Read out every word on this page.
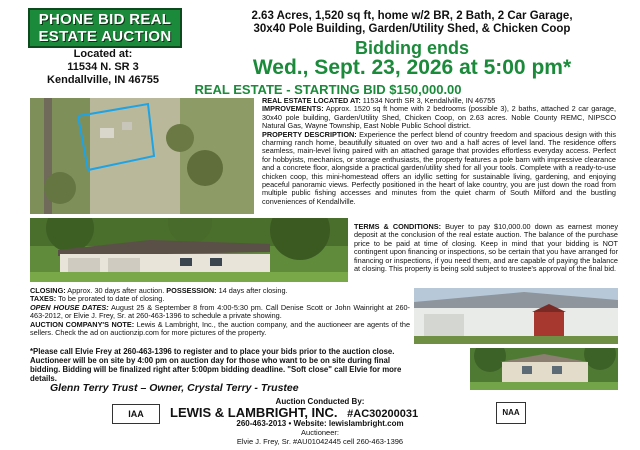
PHONE BID REAL
ESTATE AUCTION
Located at:
11534 N. SR 3
Kendallville, IN 46755
2.63 Acres, 1,520 sq ft, home w/2 BR, 2 Bath, 2 Car Garage,
30x40 Pole Building, Garden/Utility Shed, & Chicken Coop
Bidding ends
Wed., Sept. 23, 2026 at 5:00 pm*
REAL ESTATE - STARTING BID $150,000.00
REAL ESTATE LOCATED AT: 11534 North SR 3, Kendallville, IN 46755
IMPROVEMENTS: Approx. 1520 sq ft home with 2 bedrooms (possible 3), 2 baths, attached 2 car garage, 30x40 pole building, Garden/Utility Shed, Chicken Coop, on 2.63 acres. Noble County REMC, NIPSCO Natural Gas, Wayne Township, East Noble Public School district.
PROPERTY DESCRIPTION: Experience the perfect blend of country freedom and spacious design with this charming ranch home, beautifully situated on over two and a half acres of level land. The residence offers seamless, main-level living paired with an attached garage that provides effortless everyday access. Perfect for hobbyists, mechanics, or storage enthusiasts, the property features a pole barn with impressive clearance and a concrete floor, alongside a practical garden/utility shed for all your tools. Complete with a ready-to-use chicken coop, this mini-homestead offers an idyllic setting for sustainable living, gardening, and enjoying peaceful panoramic views. Perfectly positioned in the heart of lake country, you are just down the road from multiple public fishing accesses and minutes from the quiet charm of South Milford and the bustling conveniences of Kendallville.
TERMS & CONDITIONS: Buyer to pay $10,000.00 down as earnest money deposit at the conclusion of the real estate auction. The balance of the purchase price to be paid at time of closing. Keep in mind that your bidding is NOT contingent upon financing or inspections, so be certain that you have arranged for financing or inspections, if you need them, and are capable of paying the balance at closing. This property is being sold subject to trustee's approval of the final bid.
CLOSING: Approx. 30 days after auction. POSSESSION: 14 days after closing.
TAXES: To be prorated to date of closing.
OPEN HOUSE DATES: August 25 & September 8 from 4:00-5:30 pm. Call Denise Scott or John Wainright at 260-463-2012, or Elvie J. Frey, Sr. at 260-463-1396 to schedule a private showing.
AUCTION COMPANY'S NOTE: Lewis & Lambright, Inc., the auction company, and the auctioneer are agents of the sellers. Check the ad on auctionzip.com for more pictures of the property.
*Please call Elvie Frey at 260-463-1396 to register and to place your bids prior to the auction close. Auctioneer will be on site by 4:00 pm on auction day for those who want to be on site during final bidding. Bidding will be finalized right after 5:00pm bidding deadline. "Soft close" call Elvie for more details.
Glenn Terry Trust – Owner, Crystal Terry - Trustee
Auction Conducted By:
IAA	LEWIS & LAMBRIGHT, INC. #AC30200031	NAA
260-463-2013 • Website: lewislambright.com
Auctioneer:
Elvie J. Frey, Sr. #AU01042445 cell 260-463-1396
